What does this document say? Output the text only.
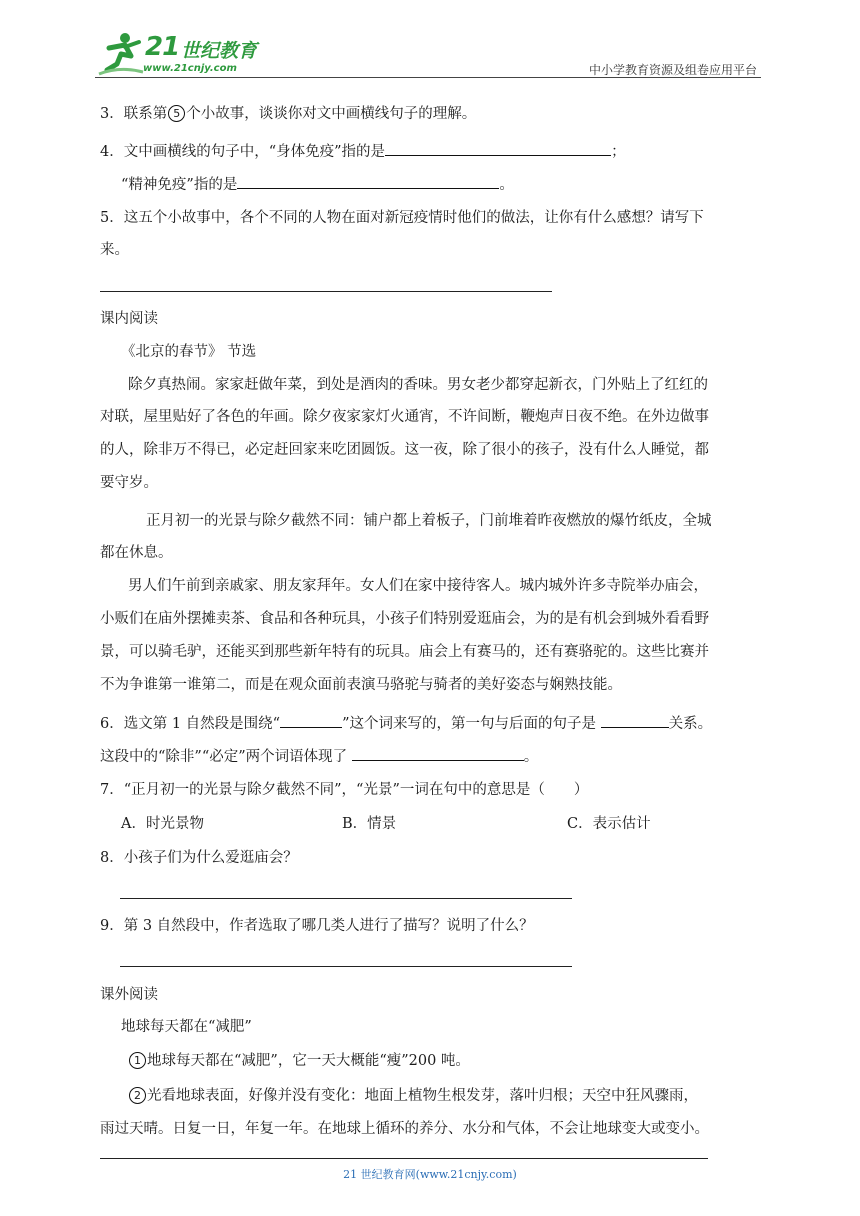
21 世纪教育
www.21cnjy.com	中小学教育资源及组卷应用平台
3．联系第 5 个小故事，谈谈你对文中画横线句子的理解。
4．文中画横线的句子中，“身体免疫”指的是	；
“精神免疫”指的是	。
5．这五个小故事中，各个不同的人物在面对新冠疫情时他们的做法，让你有什么感想？请写下
来。
课内阅读
《北京的春节》 节选
除夕真热闹。家家赶做年菜，到处是酒肉的香味。男女老少都穿起新衣，门外贴上了红红的
对联，屋里贴好了各色的年画。除夕夜家家灯火通宵，不许间断，鞭炮声日夜不绝。在外边做事
的人，除非万不得已，必定赶回家来吃团圆饭。这一夜，除了很小的孩子，没有什么人睡觉，都
要守岁。
正月初一的光景与除夕截然不同：铺户都上着板子，门前堆着昨夜燃放的爆竹纸皮，全城
都在休息。
男人们午前到亲戚家、朋友家拜年。女人们在家中接待客人。城内城外许多寺院举办庙会，
小贩们在庙外摆摊卖茶、食品和各种玩具，小孩子们特别爱逛庙会，为的是有机会到城外看看野
景，可以骑毛驴，还能买到那些新年特有的玩具。庙会上有赛马的，还有赛骆驼的。这些比赛并
不为争谁第一谁第二，而是在观众面前表演马骆驼与骑者的美好姿态与娴熟技能。
6．选文第 1 自然段是围绕“	”这个词来写的，第一句与后面的句子是	关系。
这段中的“除非”“必定”两个词语体现了	。
7．“正月初一的光景与除夕截然不同”，“光景”一词在句中的意思是（　　）
A．时光景物	B．情景	C．表示估计
8．小孩子们为什么爱逛庙会？
9．第 3 自然段中，作者选取了哪几类人进行了描写？说明了什么？
课外阅读
地球每天都在“减肥”
1 地球每天都在“减肥”，它一天大概能“瘦”200 吨。
2 光看地球表面，好像并没有变化：地面上植物生根发芽，落叶归根；天空中狂风骤雨，
雨过天晴。日复一日，年复一年。在地球上循环的养分、水分和气体，不会让地球变大或变小。
21 世纪教育网(www.21cnjy.com)
